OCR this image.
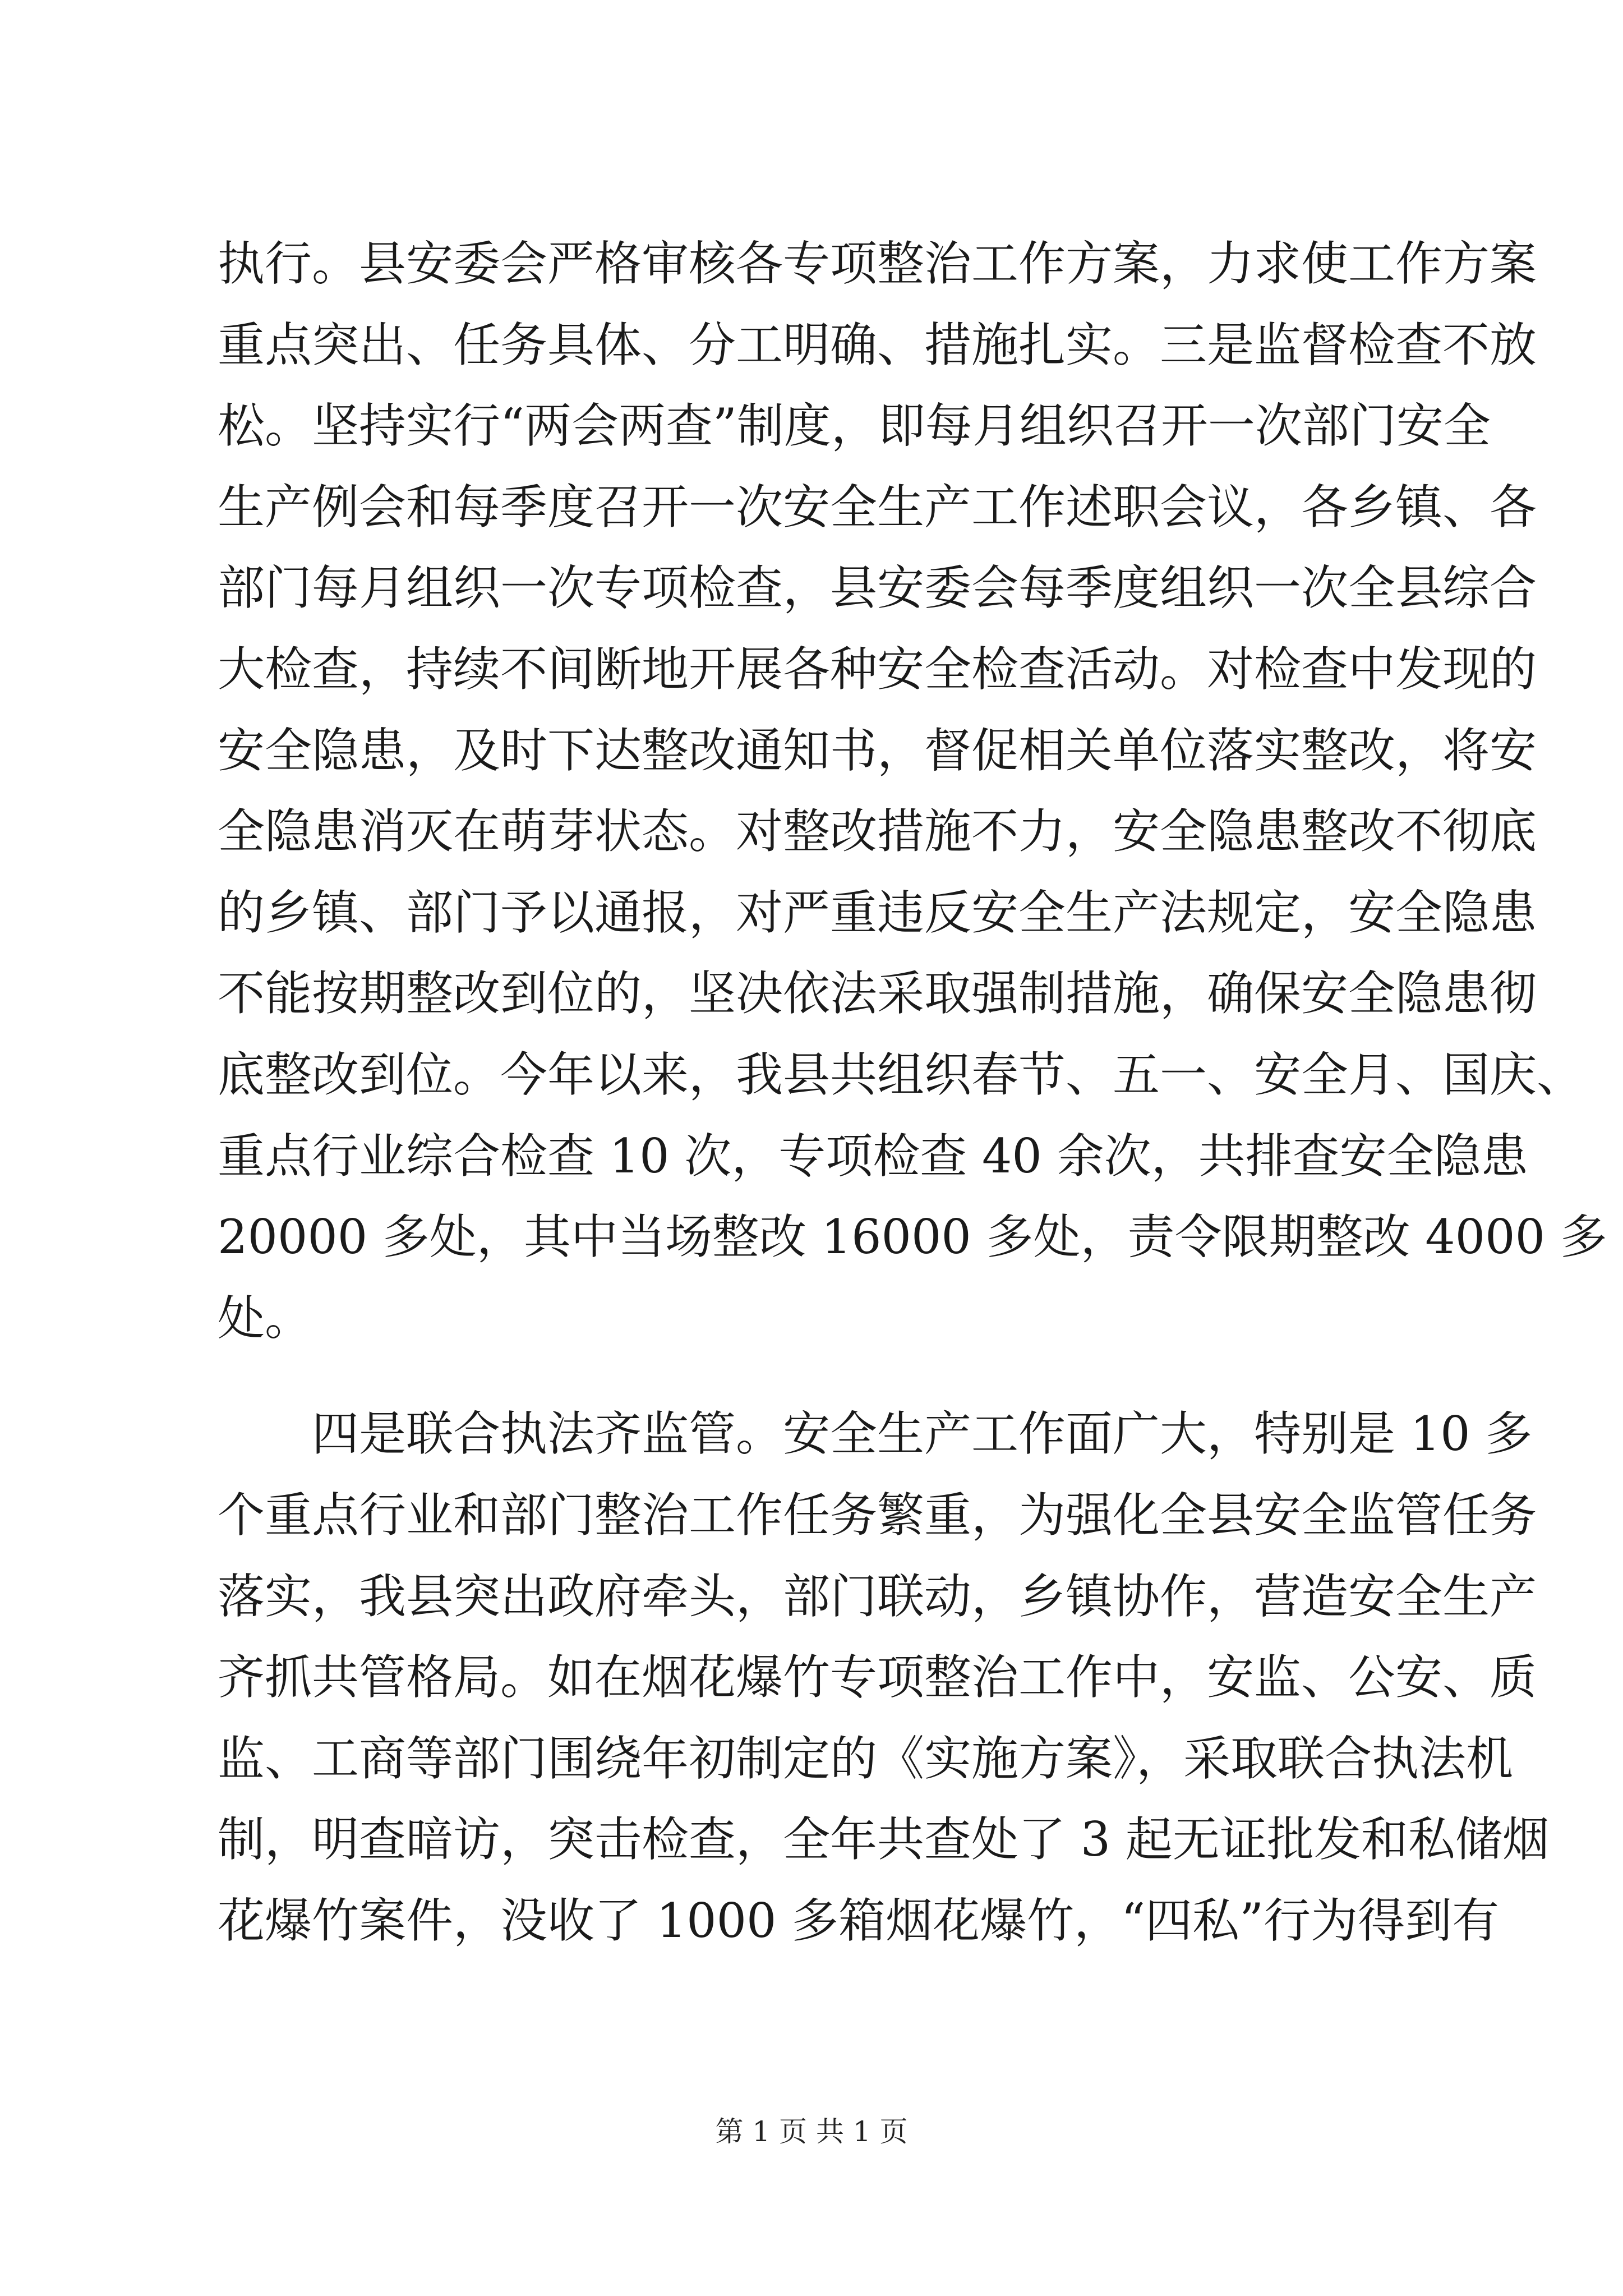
执行。县安委会严格审核各专项整治工作方案，力求使工作方案
重点突出、任务具体、分工明确、措施扎实。三是监督检查不放
松。坚持实行“两会两查”制度，即每月组织召开一次部门安全
生产例会和每季度召开一次安全生产工作述职会议，各乡镇、各
部门每月组织一次专项检查，县安委会每季度组织一次全县综合
大检查，持续不间断地开展各种安全检查活动。对检查中发现的
安全隐患，及时下达整改通知书，督促相关单位落实整改，将安
全隐患消灭在萌芽状态。对整改措施不力，安全隐患整改不彻底
的乡镇、部门予以通报，对严重违反安全生产法规定，安全隐患
不能按期整改到位的，坚决依法采取强制措施，确保安全隐患彻
底整改到位。今年以来，我县共组织春节、五一、安全月、国庆、
重点行业综合检查 10 次，专项检查 40 余次，共排查安全隐患
20000 多处，其中当场整改 16000 多处，责令限期整改 4000 多
处。
四是联合执法齐监管。安全生产工作面广大，特别是 10 多
个重点行业和部门整治工作任务繁重，为强化全县安全监管任务
落实，我县突出政府牵头，部门联动，乡镇协作，营造安全生产
齐抓共管格局。如在烟花爆竹专项整治工作中，安监、公安、质
监、工商等部门围绕年初制定的《实施方案》，采取联合执法机
制，明查暗访，突击检查，全年共查处了 3 起无证批发和私储烟
花爆竹案件，没收了 1000 多箱烟花爆竹，“四私”行为得到有
第 1 页 共 1 页
